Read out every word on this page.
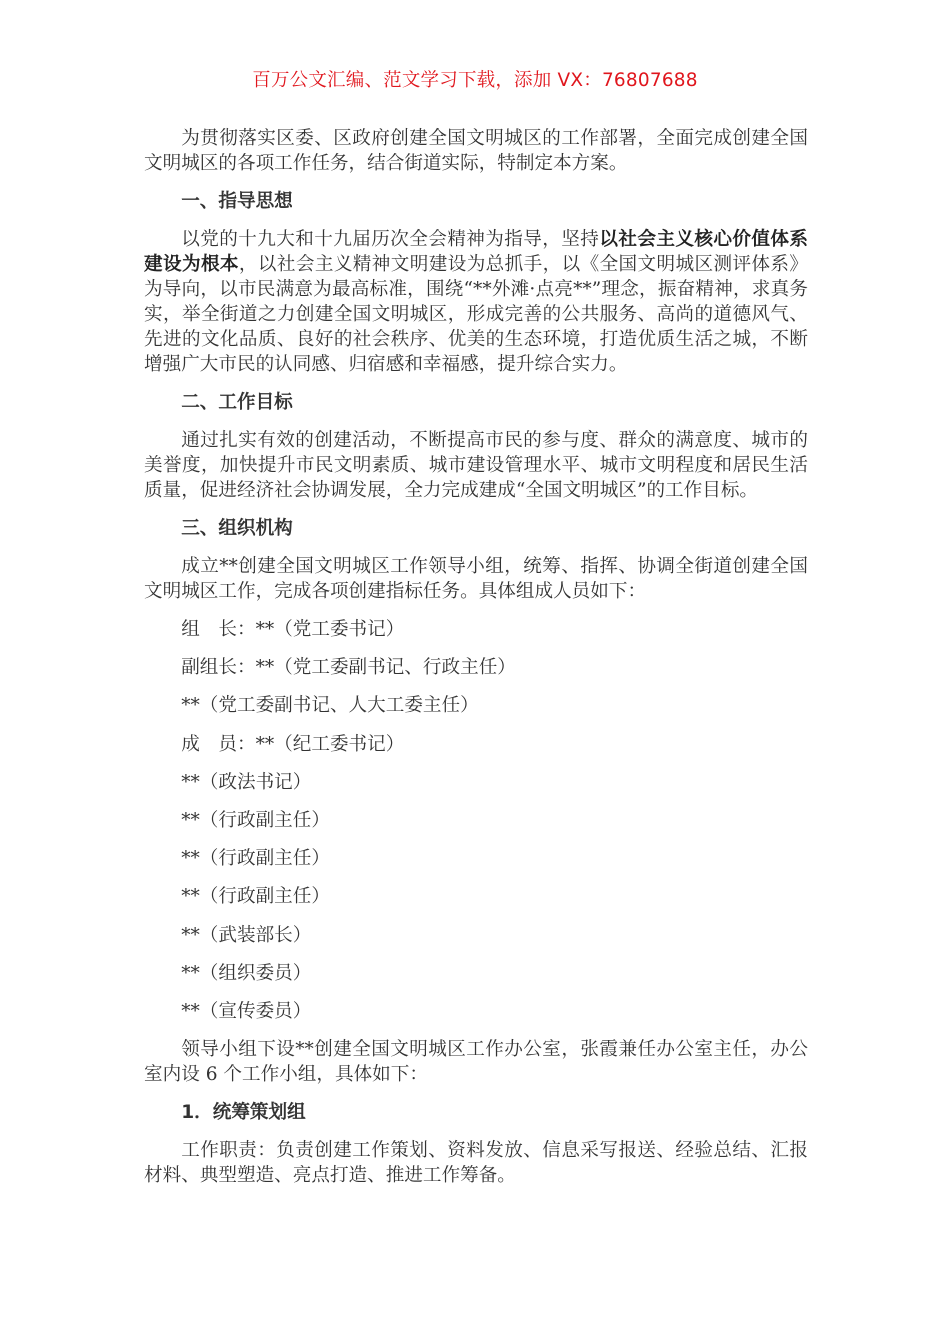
百万公文汇编、范文学习下载，添加 VX：76807688

为贯彻落实区委、区政府创建全国文明城区的工作部署，全面完成创建全国文明城区的各项工作任务，结合街道实际，特制定本方案。

一、指导思想

以党的十九大和十九届历次全会精神为指导，坚持以社会主义核心价值体系建设为根本，以社会主义精神文明建设为总抓手，以《全国文明城区测评体系》为导向，以市民满意为最高标准，围绕“**外滩·点亮**”理念，振奋精神，求真务实，举全街道之力创建全国文明城区，形成完善的公共服务、高尚的道德风气、先进的文化品质、良好的社会秩序、优美的生态环境，打造优质生活之城，不断增强广大市民的认同感、归宿感和幸福感，提升综合实力。

二、工作目标

通过扎实有效的创建活动，不断提高市民的参与度、群众的满意度、城市的美誉度，加快提升市民文明素质、城市建设管理水平、城市文明程度和居民生活质量，促进经济社会协调发展，全力完成建成“全国文明城区”的工作目标。

三、组织机构

成立**创建全国文明城区工作领导小组，统筹、指挥、协调全街道创建全国文明城区工作，完成各项创建指标任务。具体组成人员如下：

组　长：**（党工委书记）

副组长：**（党工委副书记、行政主任）

**（党工委副书记、人大工委主任）

成　员：**（纪工委书记）

**（政法书记）

**（行政副主任）

**（行政副主任）

**（行政副主任）

**（武装部长）

**（组织委员）

**（宣传委员）

领导小组下设**创建全国文明城区工作办公室，张霞兼任办公室主任，办公室内设 6 个工作小组，具体如下：

1．统筹策划组

工作职责：负责创建工作策划、资料发放、信息采写报送、经验总结、汇报材料、典型塑造、亮点打造、推进工作筹备。
